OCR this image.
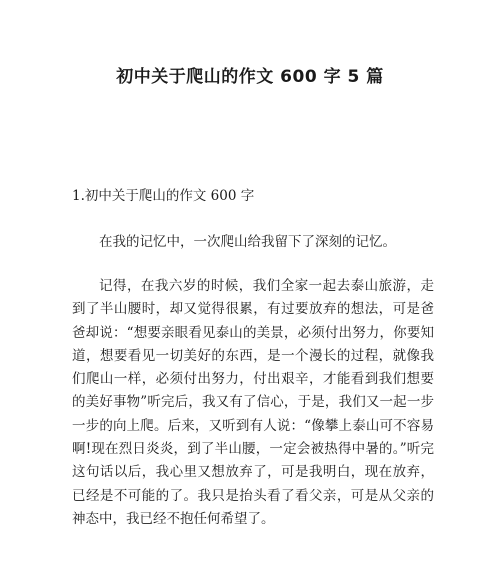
初中关于爬山的作文 600 字 5 篇

1.初中关于爬山的作文 600 字

在我的记忆中，一次爬山给我留下了深刻的记忆。

记得，在我六岁的时候，我们全家一起去泰山旅游，走到了半山腰时，却又觉得很累，有过要放弃的想法，可是爸爸却说：“想要亲眼看见泰山的美景，必须付出努力，你要知道，想要看见一切美好的东西，是一个漫长的过程，就像我们爬山一样，必须付出努力，付出艰辛，才能看到我们想要的美好事物”听完后，我又有了信心，于是，我们又一起一步一步的向上爬。后来，又听到有人说：“像攀上泰山可不容易啊!现在烈日炎炎，到了半山腰，一定会被热得中暑的。”听完这句话以后，我心里又想放弃了，可是我明白，现在放弃，已经是不可能的了。我只是抬头看了看父亲，可是从父亲的神态中，我已经不抱任何希望了。
